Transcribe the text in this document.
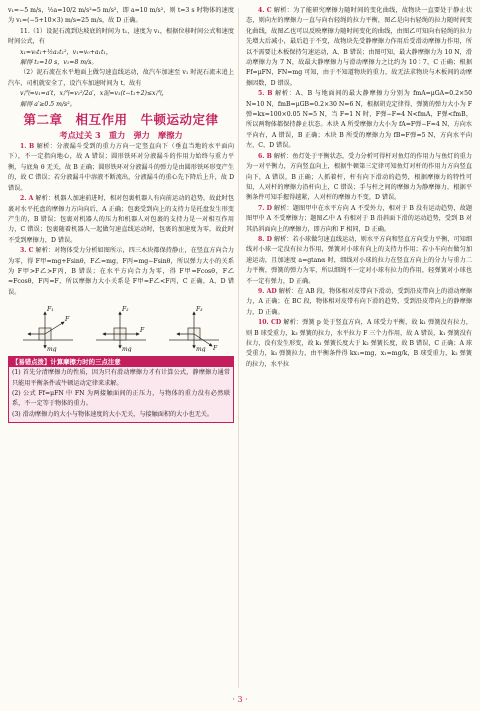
v₁=−5 m/s，½a=10/2 m/s²=5 m/s²，即 a=10 m/s²，则 t=3 s 时物体的速度为 v₁=(−5+10×3) m/s=25 m/s，故 D 正确。

11.（1）设泥石流到达坡底的时间为 t₁，速度为 v₁，根据位移时间公式和速度时间公式，有

x₁=v₀t₁+½a₁t₁²，v₁=v₀+a₁t₁，

解得 t₁=10 s，v₁=8 m/s。

（2）泥石流在水平地面上做匀速直线运动，故汽车加速至 v₁ 时泥石流未追上汽车，司机就安全了，设汽车加速时间为 t，故有

v汽=v₁=a′t，x汽=v₁²/2a′，x泥=v₁(t−t₁+2)≤x汽，

解得 a′≥0.5 m/s²。

第二章　相互作用　牛顿运动定律
考点过关 3　重力　弹力　摩擦力

1. B 解析：分液漏斗受到的重力方向一定竖直向下（垂直当地的水平面向下），不一定指向地心，故 A 错误；圆形铁环对分液漏斗的作用力始终与重力平衡，与底角 θ 无关，故 B 正确；圆形铁环对分液漏斗的弹力是由圆形铁环形变产生的，故 C 错误；若分液漏斗中溶液不断流出，分液漏斗的重心先下降后上升，故 D 错误。

2. A 解析：机器人加速前进时，相对包裹机器人有向前运动的趋势，故此时包裹对水平托盘的摩擦力方向向后，A 正确；包裹受到向上的支持力是托盘发生形变产生的，B 错误；包裹对机器人的压力和机器人对包裹的支持力是一对相互作用力，C 错误；包裹随着机器人一起做匀速直线运动时，包裹的加速度为零，故此时不受到摩擦力，D 错误。

3. C 解析：对物体受力分析如图所示，四三木块都保持静止，在竖直方向合力为零，得 F甲=mg+Fsinθ，F乙=mg，F丙=mg−Fsinθ，所以弹力大小的关系为 F甲>F乙>F丙，B 错误；在水平方向合力为零，得 F甲=Fcosθ，F乙=Fcosθ，F丙=F，所以摩擦力大小关系是 F甲=F乙<F丙，C 正确，A、D 错误。

F₁
F
mg
F₂
F
mg
F₃
F
mg
【易错点拨】计算摩擦力时的三点注意

(1) 首先分清摩擦力的性质，因为只有滑动摩擦力才有计算公式，静摩擦力通常只能用平衡条件或牛顿运动定律来求解。

(2) 公式 Ff=μFN 中 FN 为两接触面间的正压力，与物体的重力没有必然联系，不一定等于物体的重力。

(3) 滑动摩擦力的大小与物体速度的大小无关，与接触面积的大小也无关。

4. C 解析：为了能研究摩擦力随时间的变化曲线，故物块一直要处于静止状态，则向左的摩擦力一直与向右轻绳的拉力平衡，图乙是向右轻绳的拉力随时间变化曲线，故图乙也可以反映摩擦力随时间变化的曲线，由图乙可知向右轻绳的拉力先增大后减小，最后趋于不变，故物块先受静摩擦力作用后受滑动摩擦力作用，所以不需要让木板保持匀速运动，A、B 错误；由图可知，最大静摩擦力为 10 N，滑动摩擦力为 7 N，故最大静摩擦力与滑动摩擦力之比约为 10∶7，C 正确；根据 Ff=μFN，FN=mg 可知，由于不知道物块的重力，故无法求物块与木板间的动摩擦因数，D 错误。

5. B 解析：A、B 与地面间的最大静摩擦力分别为 fmA=μGA=0.2×50 N=10 N，fmB=μGB=0.2×30 N=6 N，根据胡克定律得，弹簧的弹力大小为 F弹=kx=100×0.05 N=5 N，当 F=1 N 时，F弹−F=4 N<fmA，F弹<fmB，所以两物体都保持静止状态。木块 A 所受摩擦力大小为 fA=F弹−F=4 N，方向水平向右，A 错误，B 正确；木块 B 所受的摩擦力为 fB=F弹=5 N，方向水平向左，C、D 错误。

6. B 解析：鱼灯处于平衡状态，受力分析可得杆对鱼灯的作用力与鱼灯的重力为一对平衡力，方向竖直向上，根据牛顿第三定律可知鱼灯对杆的作用力方向竖直向下，A 错误，B 正确；人抓着杆，杆有向下滑动的趋势，根据摩擦力的特性可知，人对杆的摩擦力沿杆向上，C 错误；手与杆之间的摩擦力为静摩擦力，根据平衡条件可知手握得越紧，人对杆的摩擦力不变，D 错误。

7. D 解析：题图甲中在水平方向 A 不受外力，相对于 B 没有运动趋势，故题图甲中 A 不受摩擦力；题图乙中 A 有相对于 B 沿斜面下滑的运动趋势，受到 B 对其沿斜面向上的摩擦力，即方向和 F 相同，D 正确。

8. D 解析：若小球做匀速直线运动，则水平方向和竖直方向受力平衡，可知细线对小球一定没有拉力作用，弹簧对小球有向上的支持力作用；若小车向右做匀加速运动，且加速度 a=gtanα 时，细线对小球的拉力在竖直方向上的分力与重力二力平衡，弹簧的弹力为零，所以细绳不一定对小球有拉力的作用，轻弹簧对小球也不一定有弹力，D 正确。

9. AD 解析：在 AB 段，物体相对皮带向下滑动，受到沿皮带向上的滑动摩擦力，A 正确；在 BC 段，物体相对皮带有向下滑的趋势，受到沿皮带向上的静摩擦力，D 正确。

10. CD 解析：弹簧 p 处于竖直方向，A 球受力平衡，故 k₁ 弹簧没有拉力，则 B 球受重力，k₃ 弹簧的拉力，水平拉力 F 三个力作用，故 A 错误，k₁ 弹簧没有拉力，没有发生形变，故 k₁ 弹簧长度大于 k₂ 弹簧长度，故 B 错误，C 正确；A 球受重力，k₃ 弹簧拉力，由平衡条件得 kx₁=mg，x₁=mg/k，B 球受重力，k₂ 弹簧的拉力，水平拉

· 3 ·
